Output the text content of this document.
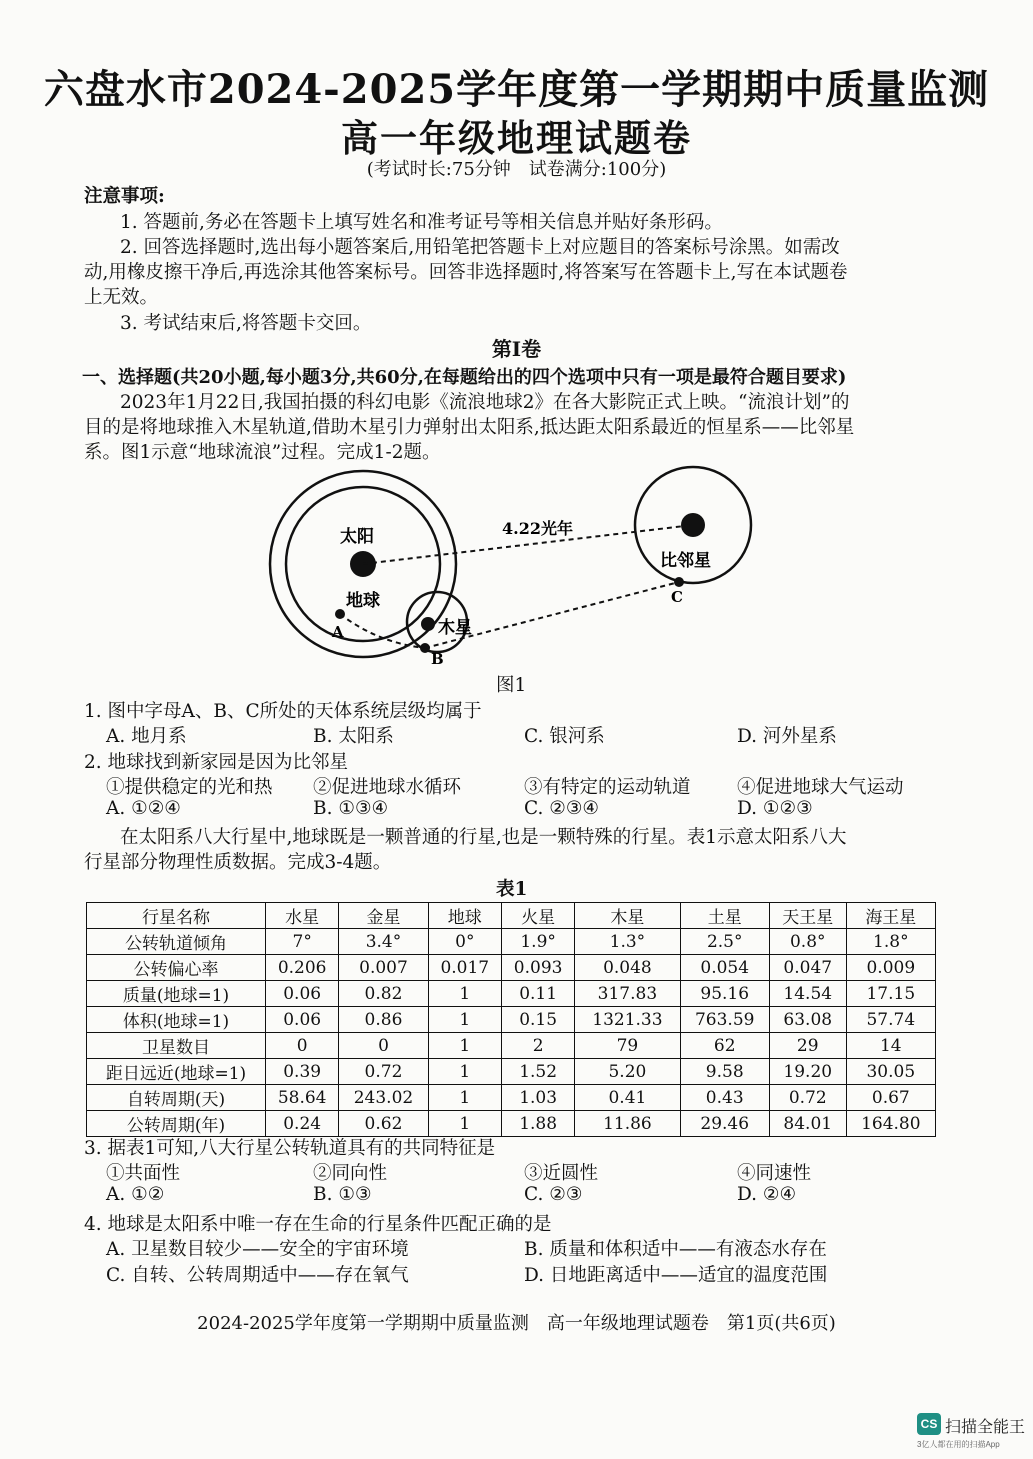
六盘水市2024-2025学年度第一学期期中质量监测
高一年级地理试题卷
(考试时长:75分钟　试卷满分:100分)
注意事项:
1. 答题前,务必在答题卡上填写姓名和准考证号等相关信息并贴好条形码。
2. 回答选择题时,选出每小题答案后,用铅笔把答题卡上对应题目的答案标号涂黑。如需改
动,用橡皮擦干净后,再选涂其他答案标号。回答非选择题时,将答案写在答题卡上,写在本试题卷
上无效。
3. 考试结束后,将答题卡交回。
第Ⅰ卷
一、选择题(共20小题,每小题3分,共60分,在每题给出的四个选项中只有一项是最符合题目要求)
2023年1月22日,我国拍摄的科幻电影《流浪地球2》在各大影院正式上映。“流浪计划”的
目的是将地球推入木星轨道,借助木星引力弹射出太阳系,抵达距太阳系最近的恒星系——比邻星
系。图1示意“地球流浪”过程。完成1-2题。
太阳
地球
木星
比邻星
4.22光年
A
B
C
图1
1. 图中字母A、B、C所处的天体系统层级均属于
A. 地月系	B. 太阳系	C. 银河系	D. 河外星系
2. 地球找到新家园是因为比邻星
①提供稳定的光和热 ②促进地球水循环	③有特定的运动轨道	④促进地球大气运动
A. ①②④	B. ①③④	C. ②③④	D. ①②③
在太阳系八大行星中,地球既是一颗普通的行星,也是一颗特殊的行星。表1示意太阳系八大
行星部分物理性质数据。完成3-4题。
表1
行星名称	水星	金星	地球	火星	木星	土星	天王星	海王星
公转轨道倾角	7°	3.4°	0°	1.9°	1.3°	2.5°	0.8°	1.8°
公转偏心率	0.206	0.007	0.017	0.093	0.048	0.054	0.047	0.009
质量(地球=1)	0.06	0.82	1	0.11	317.83	95.16	14.54	17.15
体积(地球=1)	0.06	0.86	1	0.15	1321.33	763.59	63.08	57.74
卫星数目	0	0	1	2	79	62	29	14
距日远近(地球=1)	0.39	0.72	1	1.52	5.20	9.58	19.20	30.05
自转周期(天)	58.64	243.02	1	1.03	0.41	0.43	0.72	0.67
公转周期(年)	0.24	0.62	1	1.88	11.86	29.46	84.01	164.80
3. 据表1可知,八大行星公转轨道具有的共同特征是
①共面性	②同向性	③近圆性	④同速性
A. ①②	B. ①③	C. ②③	D. ②④
4. 地球是太阳系中唯一存在生命的行星条件匹配正确的是
A. 卫星数目较少——安全的宇宙环境	B. 质量和体积适中——有液态水存在
C. 自转、公转周期适中——存在氧气	D. 日地距离适中——适宜的温度范围
2024-2025学年度第一学期期中质量监测　高一年级地理试题卷　第1页(共6页)
CS 扫描全能王
3亿人都在用的扫描App
